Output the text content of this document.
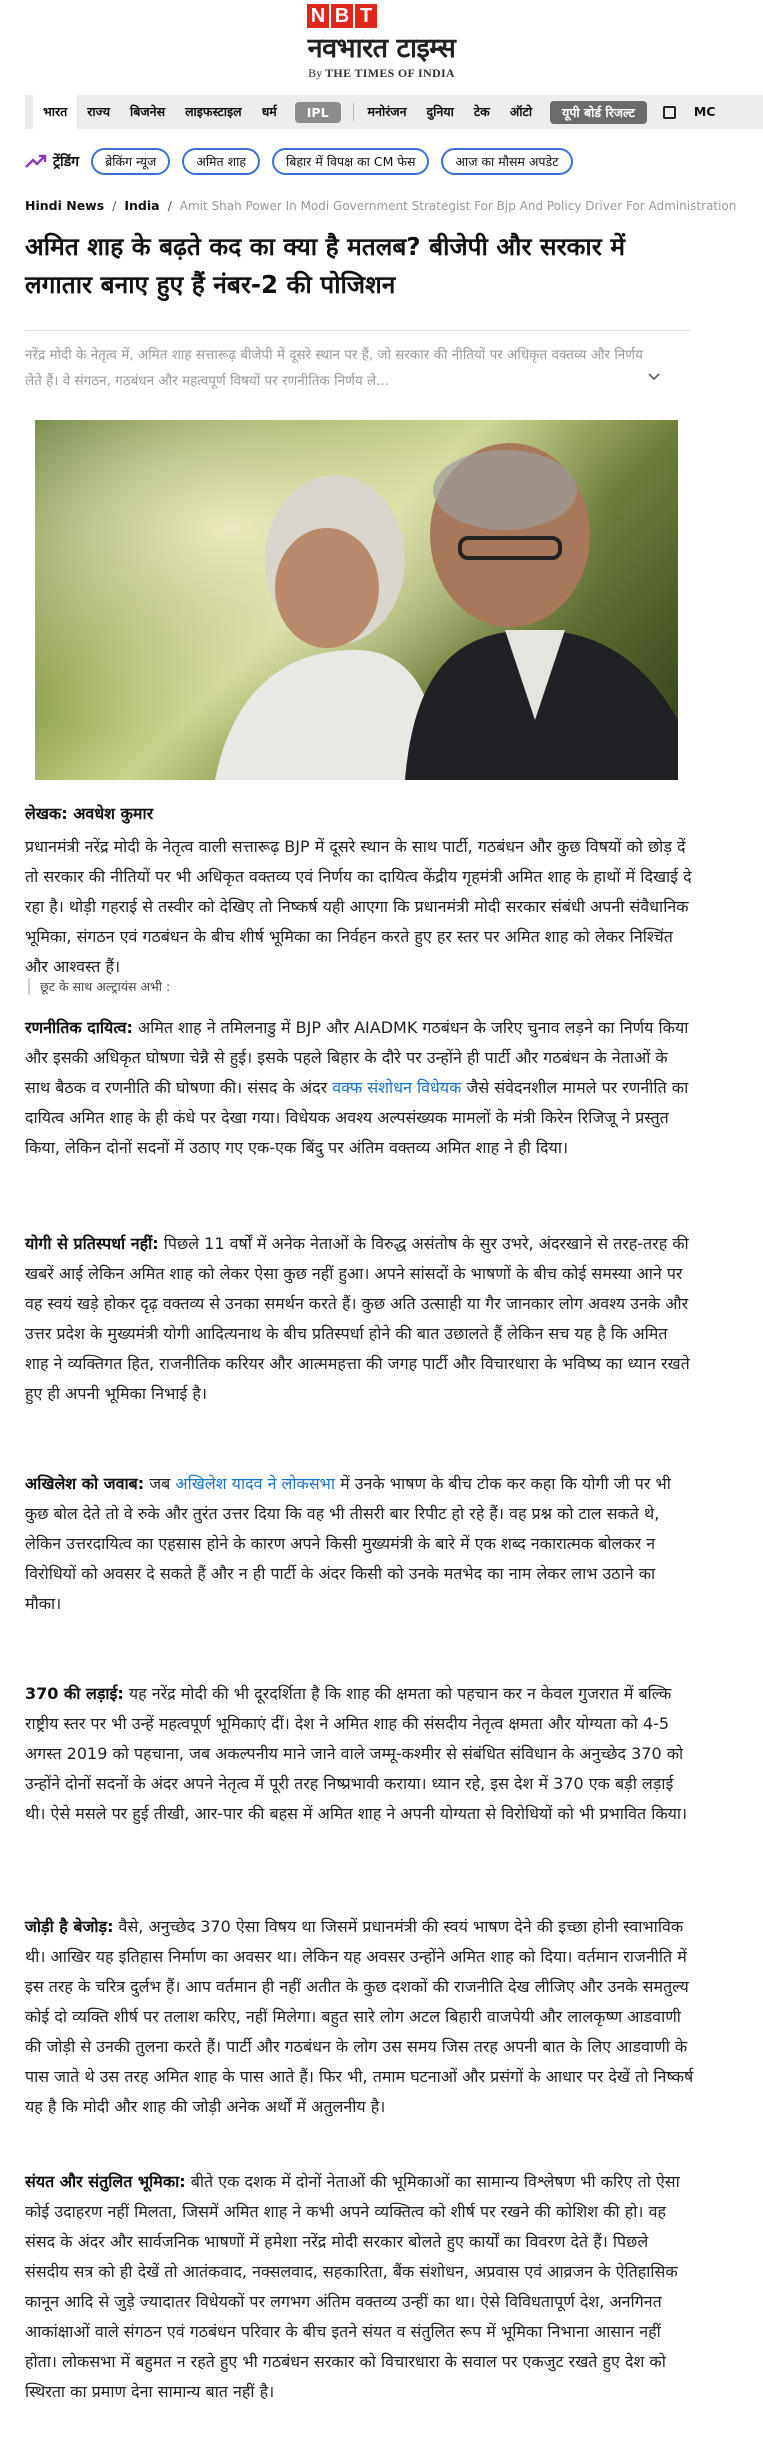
N B T
नवभारत टाइम्स
By THE TIMES OF INDIA
भारत	राज्य	बिजनेस	लाइफस्टाइल	धर्म	IPL	मनोरंजन	दुनिया	टेक	ऑटो	यूपी बोर्ड रिजल्ट	MC
ट्रेंडिंग	ब्रेकिंग न्यूज	अमित शाह	बिहार में विपक्ष का CM फेस	आज का मौसम अपडेट
Hindi News / India / Amit Shah Power In Modi Government Strategist For Bjp And Policy Driver For Administration
अमित शाह के बढ़ते कद का क्या है मतलब? बीजेपी और सरकार में लगातार बनाए हुए हैं नंबर-2 की पोजिशन
नरेंद्र मोदी के नेतृत्व में, अमित शाह सत्तारूढ़ बीजेपी में दूसरे स्थान पर हैं, जो सरकार की नीतियों पर अधिकृत वक्तव्य और निर्णय लेते हैं। वे संगठन, गठबंधन और महत्वपूर्ण विषयों पर रणनीतिक निर्णय ले...
लेखक: अवधेश कुमार

प्रधानमंत्री नरेंद्र मोदी के नेतृत्व वाली सत्तारूढ़ BJP में दूसरे स्थान के साथ पार्टी, गठबंधन और कुछ विषयों को छोड़ दें तो सरकार की नीतियों पर भी अधिकृत वक्तव्य एवं निर्णय का दायित्व केंद्रीय गृहमंत्री अमित शाह के हाथों में दिखाई दे रहा है। थोड़ी गहराई से तस्वीर को देखिए तो निष्कर्ष यही आएगा कि प्रधानमंत्री मोदी सरकार संबंधी अपनी संवैधानिक भूमिका, संगठन एवं गठबंधन के बीच शीर्ष भूमिका का निर्वहन करते हुए हर स्तर पर अमित शाह को लेकर निश्चिंत और आश्वस्त हैं।

छूट के साथ अल्ट्रायंस अभी :

रणनीतिक दायित्व: अमित शाह ने तमिलनाडु में BJP और AIADMK गठबंधन के जरिए चुनाव लड़ने का निर्णय किया और इसकी अधिकृत घोषणा चेन्नै से हुई। इसके पहले बिहार के दौरे पर उन्होंने ही पार्टी और गठबंधन के नेताओं के साथ बैठक व रणनीति की घोषणा की। संसद के अंदर वक्फ संशोधन विधेयक जैसे संवेदनशील मामले पर रणनीति का दायित्व अमित शाह के ही कंधे पर देखा गया। विधेयक अवश्य अल्पसंख्यक मामलों के मंत्री किरेन रिजिजू ने प्रस्तुत किया, लेकिन दोनों सदनों में उठाए गए एक-एक बिंदु पर अंतिम वक्तव्य अमित शाह ने ही दिया।

योगी से प्रतिस्पर्धा नहीं: पिछले 11 वर्षों में अनेक नेताओं के विरुद्ध असंतोष के सुर उभरे, अंदरखाने से तरह-तरह की खबरें आई लेकिन अमित शाह को लेकर ऐसा कुछ नहीं हुआ। अपने सांसदों के भाषणों के बीच कोई समस्या आने पर वह स्वयं खड़े होकर दृढ़ वक्तव्य से उनका समर्थन करते हैं। कुछ अति उत्साही या गैर जानकार लोग अवश्य उनके और उत्तर प्रदेश के मुख्यमंत्री योगी आदित्यनाथ के बीच प्रतिस्पर्धा होने की बात उछालते हैं लेकिन सच यह है कि अमित शाह ने व्यक्तिगत हित, राजनीतिक करियर और आत्ममहत्ता की जगह पार्टी और विचारधारा के भविष्य का ध्यान रखते हुए ही अपनी भूमिका निभाई है।

अखिलेश को जवाब: जब अखिलेश यादव ने लोकसभा में उनके भाषण के बीच टोक कर कहा कि योगी जी पर भी कुछ बोल देते तो वे रुके और तुरंत उत्तर दिया कि वह भी तीसरी बार रिपीट हो रहे हैं। वह प्रश्न को टाल सकते थे, लेकिन उत्तरदायित्व का एहसास होने के कारण अपने किसी मुख्यमंत्री के बारे में एक शब्द नकारात्मक बोलकर न विरोधियों को अवसर दे सकते हैं और न ही पार्टी के अंदर किसी को उनके मतभेद का नाम लेकर लाभ उठाने का मौका।

370 की लड़ाई: यह नरेंद्र मोदी की भी दूरदर्शिता है कि शाह की क्षमता को पहचान कर न केवल गुजरात में बल्कि राष्ट्रीय स्तर पर भी उन्हें महत्वपूर्ण भूमिकाएं दीं। देश ने अमित शाह की संसदीय नेतृत्व क्षमता और योग्यता को 4-5 अगस्त 2019 को पहचाना, जब अकल्पनीय माने जाने वाले जम्मू-कश्मीर से संबंधित संविधान के अनुच्छेद 370 को उन्होंने दोनों सदनों के अंदर अपने नेतृत्व में पूरी तरह निष्प्रभावी कराया। ध्यान रहे, इस देश में 370 एक बड़ी लड़ाई थी। ऐसे मसले पर हुई तीखी, आर-पार की बहस में अमित शाह ने अपनी योग्यता से विरोधियों को भी प्रभावित किया।

जोड़ी है बेजोड़: वैसे, अनुच्छेद 370 ऐसा विषय था जिसमें प्रधानमंत्री की स्वयं भाषण देने की इच्छा होनी स्वाभाविक थी। आखिर यह इतिहास निर्माण का अवसर था। लेकिन यह अवसर उन्होंने अमित शाह को दिया। वर्तमान राजनीति में इस तरह के चरित्र दुर्लभ हैं। आप वर्तमान ही नहीं अतीत के कुछ दशकों की राजनीति देख लीजिए और उनके समतुल्य कोई दो व्यक्ति शीर्ष पर तलाश करिए, नहीं मिलेगा। बहुत सारे लोग अटल बिहारी वाजपेयी और लालकृष्ण आडवाणी की जोड़ी से उनकी तुलना करते हैं। पार्टी और गठबंधन के लोग उस समय जिस तरह अपनी बात के लिए आडवाणी के पास जाते थे उस तरह अमित शाह के पास आते हैं। फिर भी, तमाम घटनाओं और प्रसंगों के आधार पर देखें तो निष्कर्ष यह है कि मोदी और शाह की जोड़ी अनेक अर्थों में अतुलनीय है।

संयत और संतुलित भूमिका: बीते एक दशक में दोनों नेताओं की भूमिकाओं का सामान्य विश्लेषण भी करिए तो ऐसा कोई उदाहरण नहीं मिलता, जिसमें अमित शाह ने कभी अपने व्यक्तित्व को शीर्ष पर रखने की कोशिश की हो। वह संसद के अंदर और सार्वजनिक भाषणों में हमेशा नरेंद्र मोदी सरकार बोलते हुए कार्यों का विवरण देते हैं। पिछले संसदीय सत्र को ही देखें तो आतंकवाद, नक्सलवाद, सहकारिता, बैंक संशोधन, अप्रवास एवं आव्रजन के ऐतिहासिक कानून आदि से जुड़े ज्यादातर विधेयकों पर लगभग अंतिम वक्तव्य उन्हीं का था। ऐसे विविधतापूर्ण देश, अनगिनत आकांक्षाओं वाले संगठन एवं गठबंधन परिवार के बीच इतने संयत व संतुलित रूप में भूमिका निभाना आसान नहीं होता। लोकसभा में बहुमत न रहते हुए भी गठबंधन सरकार को विचारधारा के सवाल पर एकजुट रखते हुए देश को स्थिरता का प्रमाण देना सामान्य बात नहीं है।
